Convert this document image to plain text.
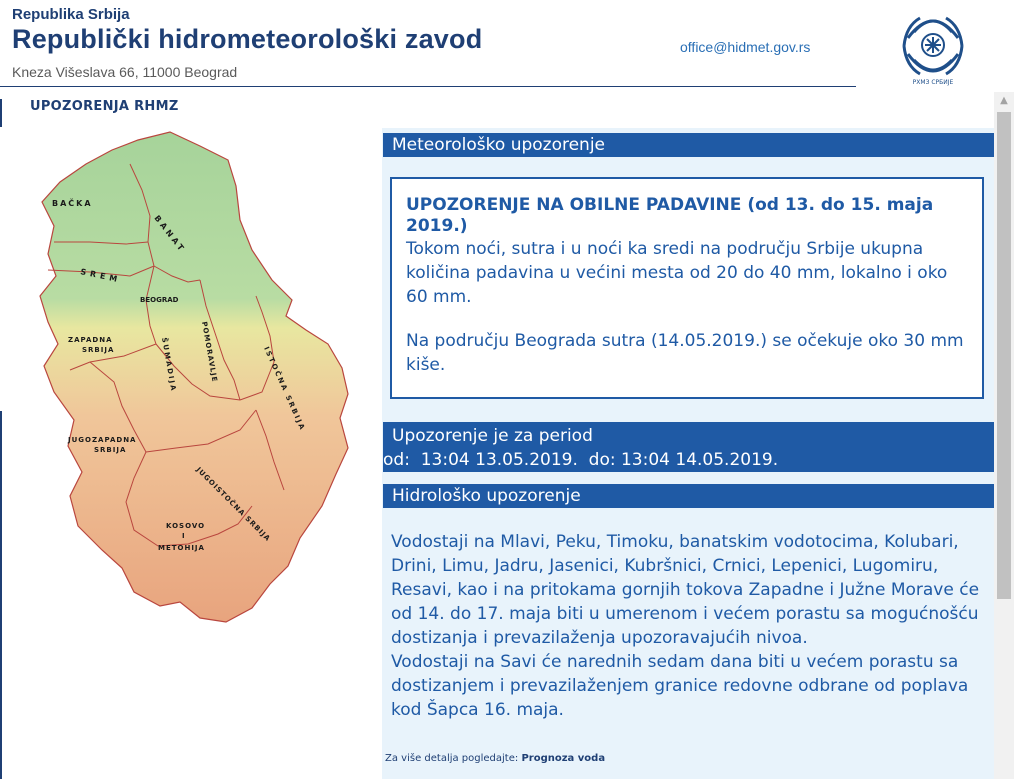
Republika Srbija
Republički hidrometeorološki zavod
Kneza Višeslava 66, 11000 Beograd
office@hidmet.gov.rs
РХМЗ СРБИЈЕ
UPOZORENJA RHMZ
BAČKA
BANAT
SREM
BEOGRAD
ZAPADNA
SRBIJA	POMORAVLJE
ŠUMADIJA	ISTOČNA SRBIJA
JUGOZAPADNA
SRBIJA
JUGOISTOČNA SRBIJA
KOSOVO
I
METOHIJA
Meteorološko upozorenje
UPOZORENJE NA OBILNE PADAVINE (od 13. do 15. maja 2019.)
Tokom noći, sutra i u noći ka sredi na području Srbije ukupna količina padavina u većini mesta od 20 do 40 mm, lokalno i oko 60 mm.
Na području Beograda sutra (14.05.2019.) se očekuje oko 30 mm kiše.
Upozorenje je za period
od:  13:04 13.05.2019.  do: 13:04 14.05.2019.
Hidrološko upozorenje
Vodostaji na Mlavi, Peku, Timoku, banatskim vodotocima, Kolubari, Drini, Limu, Jadru, Jasenici, Kubršnici, Crnici, Lepenici, Lugomiru, Resavi, kao i na pritokama gornjih tokova Zapadne i Južne Morave će od 14. do 17. maja biti u umerenom i većem porastu sa mogućnošću dostizanja i prevazilaženja upozoravajućih nivoa.
Vodostaji na Savi će narednih sedam dana biti u većem porastu sa dostizanjem i prevazilaženjem granice redovne odbrane od poplava kod Šapca 16. maja.
Za više detalja pogledajte: Prognoza voda
▲
